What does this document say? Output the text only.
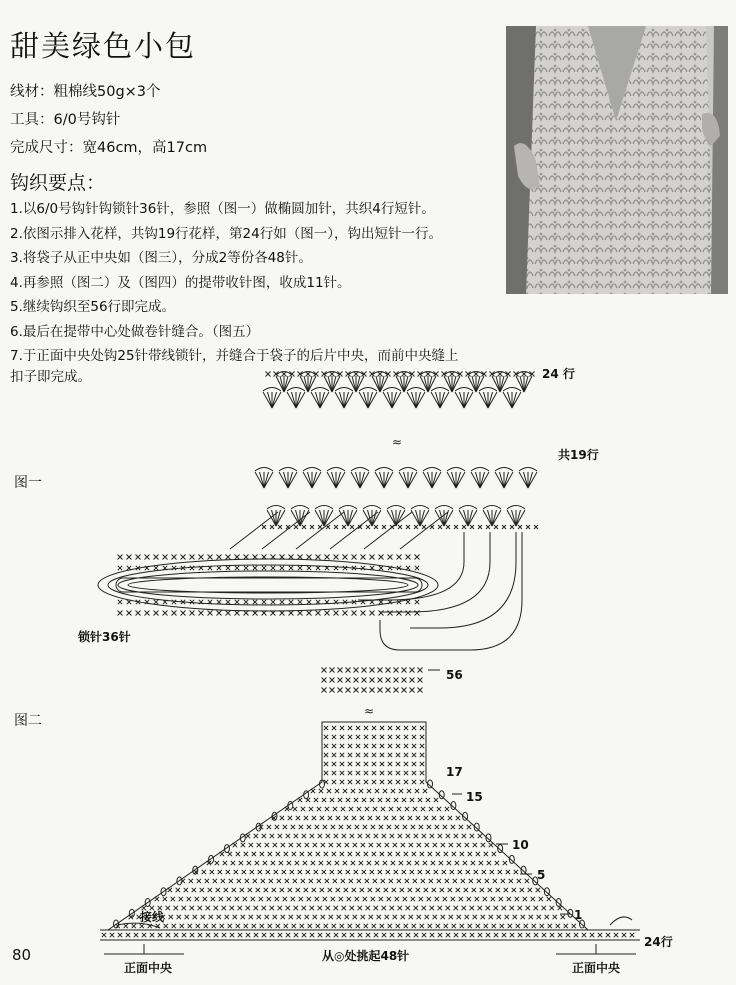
甜美绿色小包
线材：粗棉线50g×3个
工具：6/0号钩针
完成尺寸：宽46cm，高17cm
钩织要点：
1.以6/0号钩针钩锁针36针，参照（图一）做椭圆加针，共织4行短针。
2.依图示排入花样，共钩19行花样，第24行如（图一），钩出短针一行。
3.将袋子从正中央如（图三），分成2等份各48针。
4.再参照（图二）及（图四）的提带收针图，收成11针。
5.继续钩织至56行即完成。
6.最后在提带中心处做卷针缝合。（图五）
7.于正面中央处钩25针带线锁针，并缝合于袋子的后片中央，而前中央缝上
扣子即完成。
≈
≈
24 行
共19行
图一
锁针36针
图二
56
17
15
10
5
1
接线
24行
从◎处挑起48针
正面中央	正面中央
80
